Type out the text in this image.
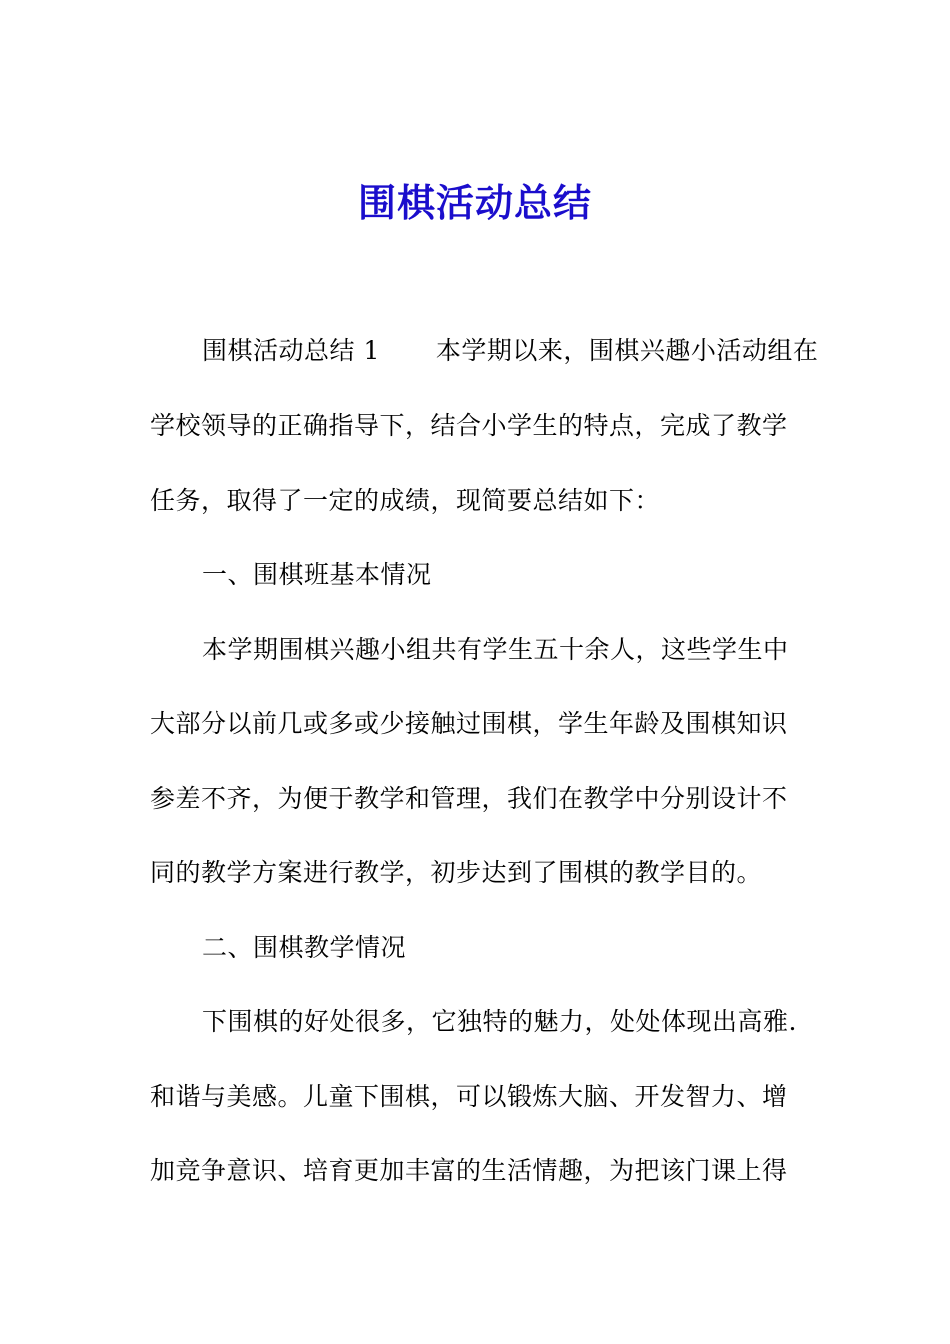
围棋活动总结
围棋活动总结 1 本学期以来，围棋兴趣小活动组在
学校领导的正确指导下，结合小学生的特点，完成了教学
任务，取得了一定的成绩，现简要总结如下：
一、围棋班基本情况
本学期围棋兴趣小组共有学生五十余人，这些学生中
大部分以前几或多或少接触过围棋，学生年龄及围棋知识
参差不齐，为便于教学和管理，我们在教学中分别设计不
同的教学方案进行教学，初步达到了围棋的教学目的。
二、围棋教学情况
下围棋的好处很多，它独特的魅力，处处体现出高雅.
和谐与美感。儿童下围棋，可以锻炼大脑、开发智力、增
加竞争意识、培育更加丰富的生活情趣，为把该门课上得
